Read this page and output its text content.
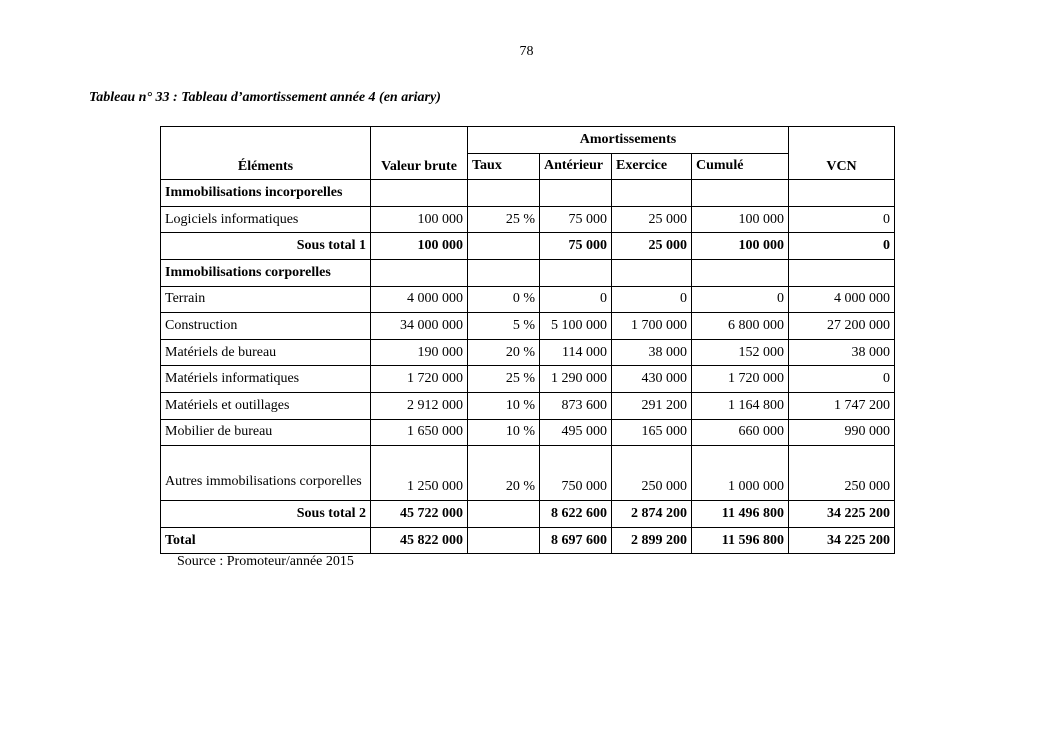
78
Tableau n° 33 : Tableau d’amortissement année 4 (en ariary)
Éléments	Valeur brute	Amortissements				VCN
		Taux	Antérieur	Exercice	Cumulé	
Immobilisations incorporelles						
Logiciels informatiques	100 000	25 %	75 000	25 000	100 000	0
Sous total 1	100 000		75 000	25 000	100 000	0
Immobilisations corporelles						
Terrain	4 000 000	0 %	0	0	0	4 000 000
Construction	34 000 000	5 %	5 100 000	1 700 000	6 800 000	27 200 000
Matériels de bureau	190 000	20 %	114 000	38 000	152 000	38 000
Matériels informatiques	1 720 000	25 %	1 290 000	430 000	1 720 000	0
Matériels et outillages	2 912 000	10 %	873 600	291 200	1 164 800	1 747 200
Mobilier de bureau	1 650 000	10 %	495 000	165 000	660 000	990 000
Autres immobilisations corporelles	1 250 000	20 %	750 000	250 000	1 000 000	250 000
Sous total 2	45 722 000		8 622 600	2 874 200	11 496 800	34 225 200
Total	45 822 000		8 697 600	2 899 200	11 596 800	34 225 200
Source : Promoteur/année 2015
